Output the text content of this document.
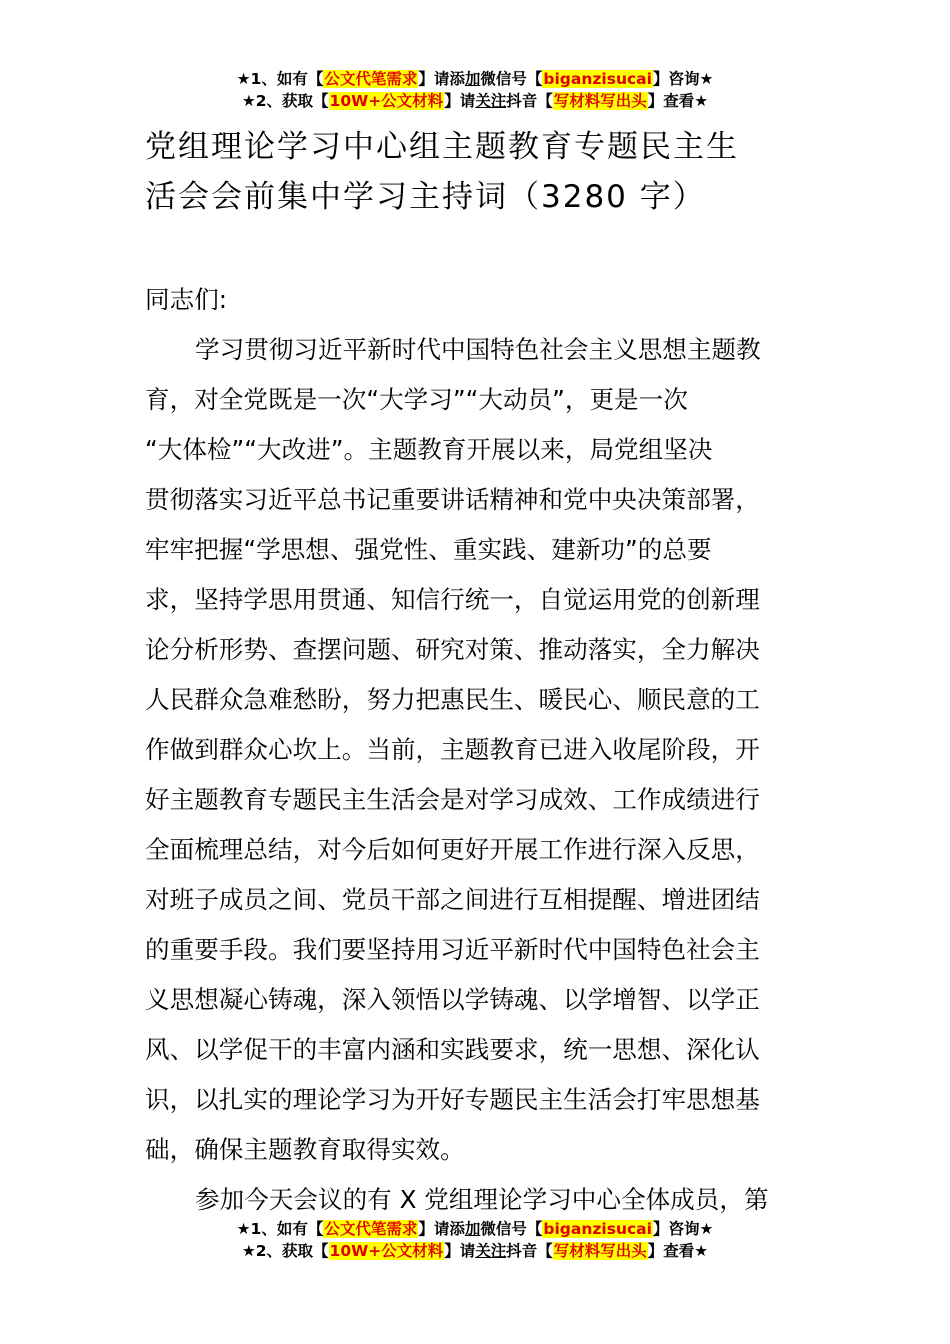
★1、如有【公文代笔需求】请添加微信号【biganzisucai】咨询★
★2、获取【10W+公文材料】请关注抖音【写材料写出头】查看★

党组理论学习中心组主题教育专题民主生

活会会前集中学习主持词（3280 字）

同志们:

学习贯彻习近平新时代中国特色社会主义思想主题教

育，对全党既是一次“大学习”“大动员”，更是一次

“大体检”“大改进”。主题教育开展以来，局党组坚决

贯彻落实习近平总书记重要讲话精神和党中央决策部署，

牢牢把握“学思想、强党性、重实践、建新功”的总要

求，坚持学思用贯通、知信行统一，自觉运用党的创新理

论分析形势、查摆问题、研究对策、推动落实，全力解决

人民群众急难愁盼，努力把惠民生、暖民心、顺民意的工

作做到群众心坎上。当前，主题教育已进入收尾阶段，开

好主题教育专题民主生活会是对学习成效、工作成绩进行

全面梳理总结，对今后如何更好开展工作进行深入反思，

对班子成员之间、党员干部之间进行互相提醒、增进团结

的重要手段。我们要坚持用习近平新时代中国特色社会主

义思想凝心铸魂，深入领悟以学铸魂、以学增智、以学正

风、以学促干的丰富内涵和实践要求，统一思想、深化认

识，以扎实的理论学习为开好专题民主生活会打牢思想基

础，确保主题教育取得实效。

参加今天会议的有 X 党组理论学习中心全体成员，第

★1、如有【公文代笔需求】请添加微信号【biganzisucai】咨询★
★2、获取【10W+公文材料】请关注抖音【写材料写出头】查看★
